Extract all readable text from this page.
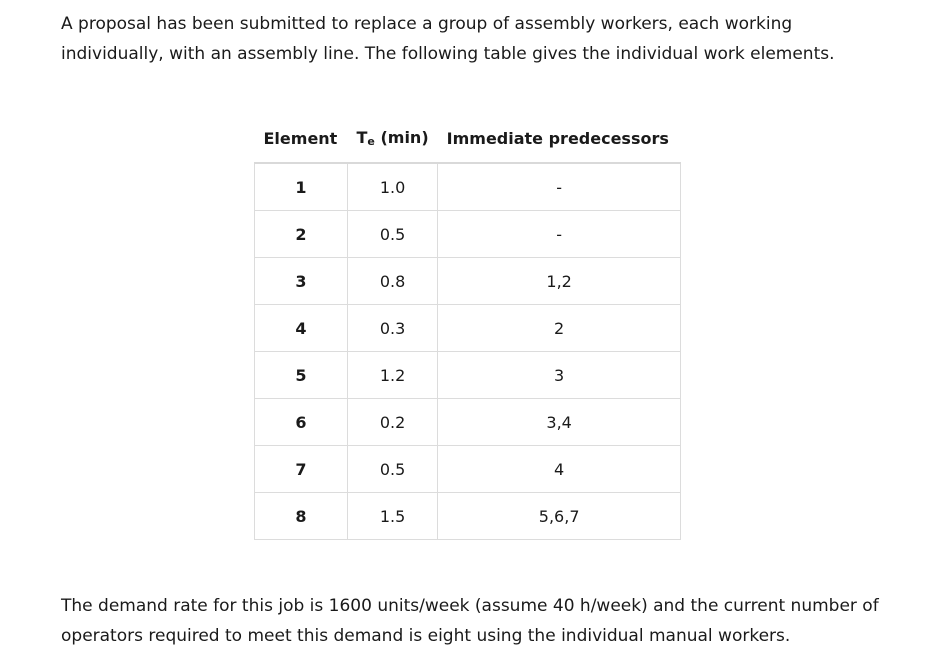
A proposal has been submitted to replace a group of assembly workers, each working individually, with an assembly line. The following table gives the individual work elements.

Element	Te (min)	Immediate predecessors
1	1.0	-
2	0.5	-
3	0.8	1,2
4	0.3	2
5	1.2	3
6	0.2	3,4
7	0.5	4
8	1.5	5,6,7

The demand rate for this job is 1600 units/week (assume 40 h/week) and the current number of operators required to meet this demand is eight using the individual manual workers.
